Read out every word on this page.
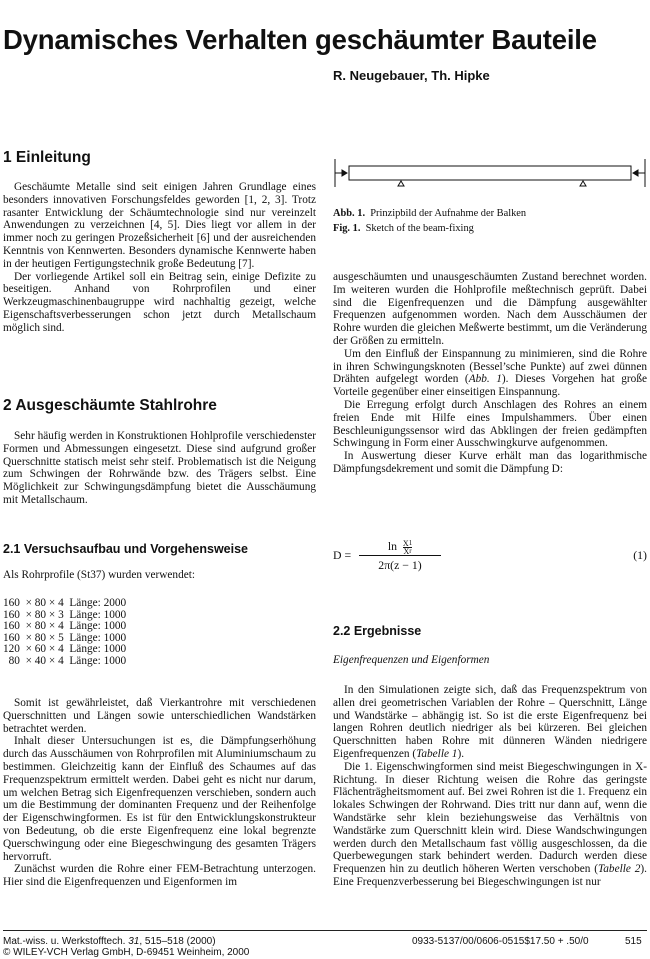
Dynamisches Verhalten geschäumter Bauteile
R. Neugebauer, Th. Hipke
1 Einleitung

Geschäumte Metalle sind seit einigen Jahren Grundlage eines besonders innovativen Forschungsfeldes geworden [1, 2, 3]. Trotz rasanter Entwicklung der Schäumtechnologie sind nur vereinzelt Anwendungen zu verzeichnen [4, 5]. Dies liegt vor allem in der immer noch zu geringen Prozeßsicherheit [6] und der ausreichenden Kenntnis von Kennwerten. Besonders dynamische Kennwerte haben in der heutigen Fertigungstechnik große Bedeutung [7].

Der vorliegende Artikel soll ein Beitrag sein, einige Defizite zu beseitigen. Anhand von Rohrprofilen und einer Werkzeugmaschinenbaugruppe wird nachhaltig gezeigt, welche Eigenschaftsverbesserungen schon jetzt durch Metallschaum möglich sind.

2 Ausgeschäumte Stahlrohre

Sehr häufig werden in Konstruktionen Hohlprofile verschiedenster Formen und Abmessungen eingesetzt. Diese sind aufgrund großer Querschnitte statisch meist sehr steif. Problematisch ist die Neigung zum Schwingen der Rohrwände bzw. des Trägers selbst. Eine Möglichkeit zur Schwingungsdämpfung bietet die Ausschäumung mit Metallschaum.

2.1 Versuchsaufbau und Vorgehensweise

Als Rohrprofile (St37) wurden verwendet:

160  × 80 × 4  Länge: 2000
160  × 80 × 3  Länge: 1000
160  × 80 × 4  Länge: 1000
160  × 80 × 5  Länge: 1000
120  × 60 × 4  Länge: 1000
80  × 40 × 4  Länge: 1000

Somit ist gewährleistet, daß Vierkantrohre mit verschiedenen Querschnitten und Längen sowie unterschiedlichen Wandstärken betrachtet werden.

Inhalt dieser Untersuchungen ist es, die Dämpfungserhöhung durch das Ausschäumen von Rohrprofilen mit Aluminiumschaum zu bestimmen. Gleichzeitig kann der Einfluß des Schaumes auf das Frequenzspektrum ermittelt werden. Dabei geht es nicht nur darum, um welchen Betrag sich Eigenfrequenzen verschieben, sondern auch um die Bestimmung der dominanten Frequenz und der Reihenfolge der Eigenschwingformen. Es ist für den Entwicklungskonstrukteur von Bedeutung, ob die erste Eigenfrequenz eine lokal begrenzte Querschwingung oder eine Biegeschwingung des gesamten Trägers hervorruft.

Zunächst wurden die Rohre einer FEM-Betrachtung unterzogen. Hier sind die Eigenfrequenzen und Eigenformen im

Abb. 1. Prinzipbild der Aufnahme der Balken
Fig. 1. Sketch of the beam-fixing

ausgeschäumten und unausgeschäumten Zustand berechnet worden. Im weiteren wurden die Hohlprofile meßtechnisch geprüft. Dabei sind die Eigenfrequenzen und die Dämpfung ausgewählter Frequenzen aufgenommen worden. Nach dem Ausschäumen der Rohre wurden die gleichen Meßwerte bestimmt, um die Veränderung der Größen zu ermitteln.

Um den Einfluß der Einspannung zu minimieren, sind die Rohre in ihren Schwingungsknoten (Bessel’sche Punkte) auf zwei dünnen Drähten aufgelegt worden (Abb. 1). Dieses Vorgehen hat große Vorteile gegenüber einer einseitigen Einspannung.

Die Erregung erfolgt durch Anschlagen des Rohres an einem freien Ende mit Hilfe eines Impulshammers. Über einen Beschleunigungssensor wird das Abklingen der freien gedämpften Schwingung in Form einer Ausschwingkurve aufgenommen.

In Auswertung dieser Kurve erhält man das logarithmische Dämpfungsdekrement und somit die Dämpfung D:

$D = \frac{\ln \frac{X1}{Xr}}{2\pi(z - 1)}$	(1)
2.2 Ergebnisse

Eigenfrequenzen und Eigenformen

In den Simulationen zeigte sich, daß das Frequenzspektrum von allen drei geometrischen Variablen der Rohre – Querschnitt, Länge und Wandstärke – abhängig ist. So ist die erste Eigenfrequenz bei langen Rohren deutlich niedriger als bei kürzeren. Bei gleichen Querschnitten haben Rohre mit dünneren Wänden niedrigere Eigenfrequenzen (Tabelle 1).

Die 1. Eigenschwingformen sind meist Biegeschwingungen in X-Richtung. In dieser Richtung weisen die Rohre das geringste Flächenträgheitsmoment auf. Bei zwei Rohren ist die 1. Frequenz ein lokales Schwingen der Rohrwand. Dies tritt nur dann auf, wenn die Wandstärke sehr klein beziehungsweise das Verhältnis von Wandstärke zum Querschnitt klein wird. Diese Wandschwingungen werden durch den Metallschaum fast völlig ausgeschlossen, da die Querbewegungen stark behindert werden. Dadurch werden diese Frequenzen hin zu deutlich höheren Werten verschoben (Tabelle 2). Eine Frequenzverbesserung bei Biegeschwingungen ist nur

Mat.-wiss. u. Werkstofftech. 31, 515–518 (2000)
© WILEY-VCH Verlag GmbH, D-69451 Weinheim, 2000
0933-5137/00/0606-0515$17.50 + .50/0	515
